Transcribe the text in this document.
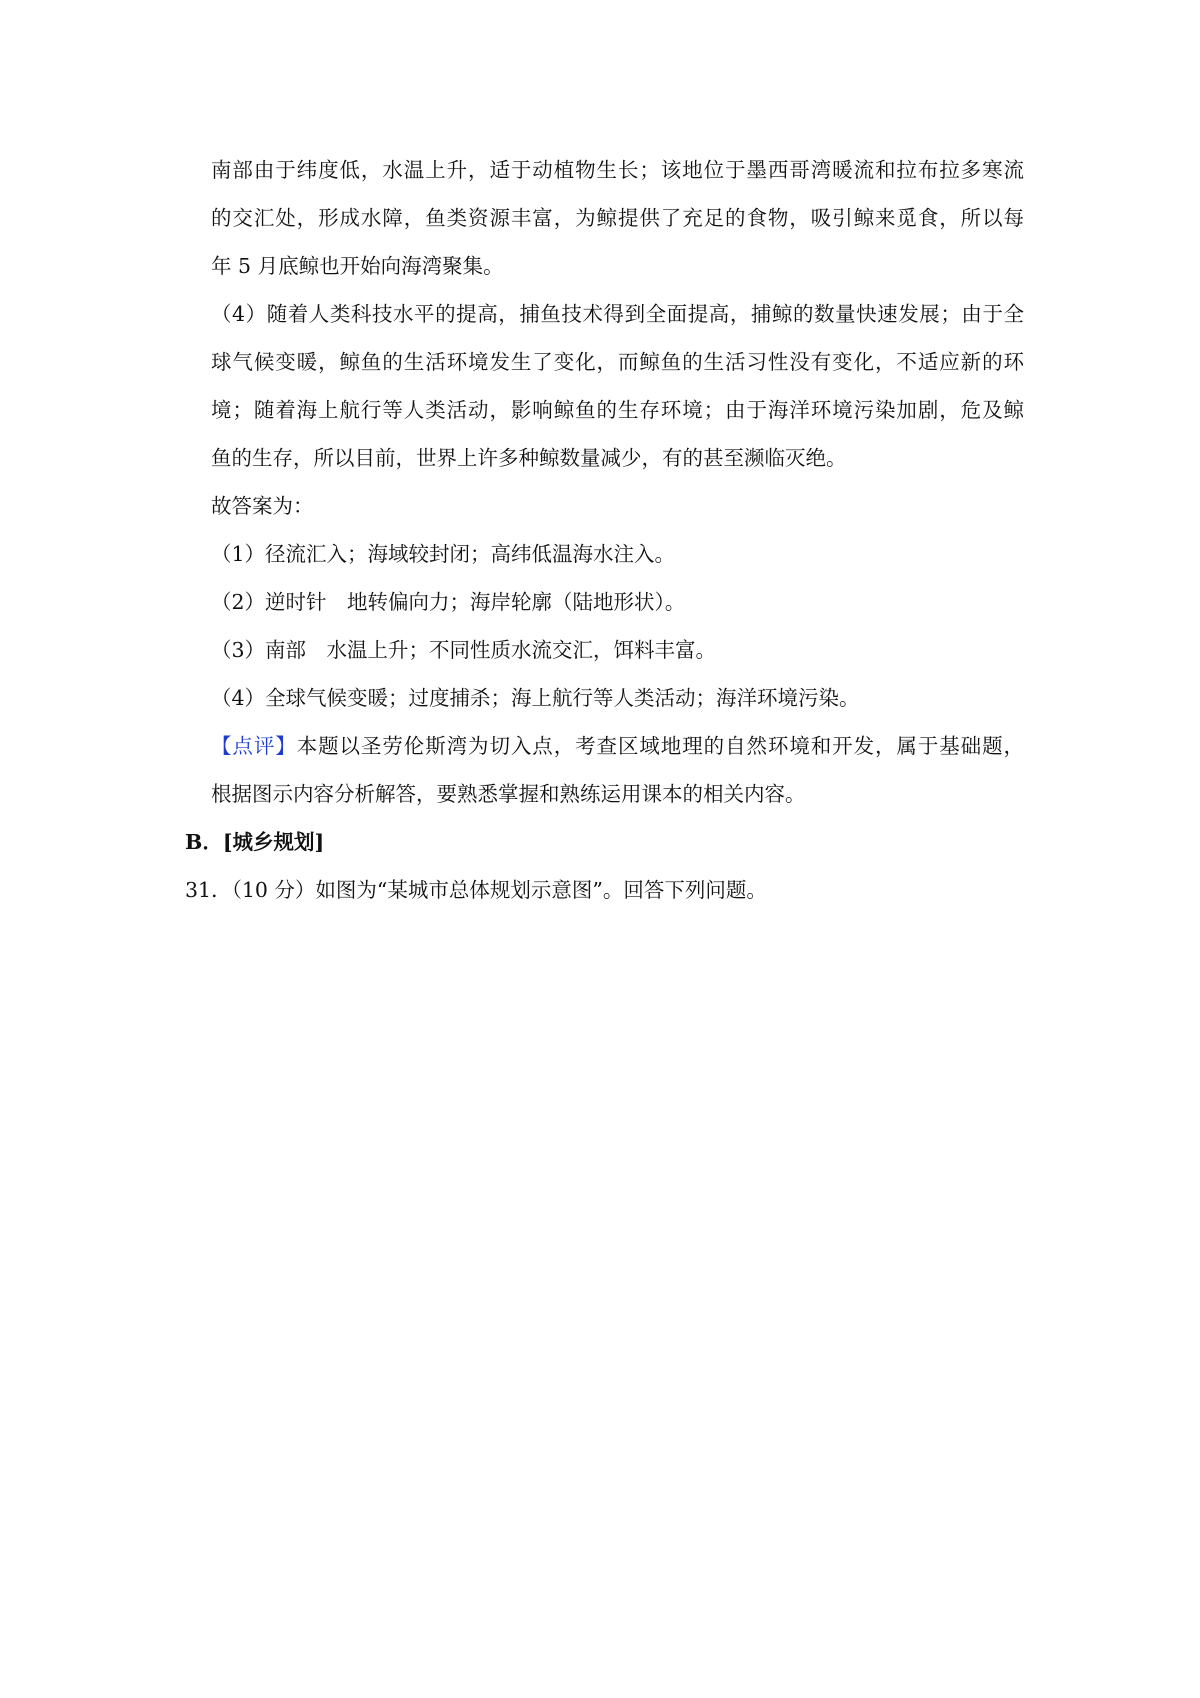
南部由于纬度低，水温上升，适于动植物生长；该地位于墨西哥湾暖流和拉布拉多寒流
的交汇处，形成水障，鱼类资源丰富，为鲸提供了充足的食物，吸引鲸来觅食，所以每
年 5 月底鲸也开始向海湾聚集。
（4）随着人类科技水平的提高，捕鱼技术得到全面提高，捕鲸的数量快速发展；由于全
球气候变暖，鲸鱼的生活环境发生了变化，而鲸鱼的生活习性没有变化，不适应新的环
境；随着海上航行等人类活动，影响鲸鱼的生存环境；由于海洋环境污染加剧，危及鲸
鱼的生存，所以目前，世界上许多种鲸数量减少，有的甚至濒临灭绝。
故答案为：
（1）径流汇入；海域较封闭；高纬低温海水注入。
（2）逆时针　地转偏向力；海岸轮廓（陆地形状）。
（3）南部　水温上升；不同性质水流交汇，饵料丰富。
（4）全球气候变暖；过度捕杀；海上航行等人类活动；海洋环境污染。
【点评】本题以圣劳伦斯湾为切入点，考查区域地理的自然环境和开发，属于基础题，
根据图示内容分析解答，要熟悉掌握和熟练运用课本的相关内容。
B．[城乡规划]
31．（10 分）如图为“某城市总体规划示意图”。回答下列问题。
